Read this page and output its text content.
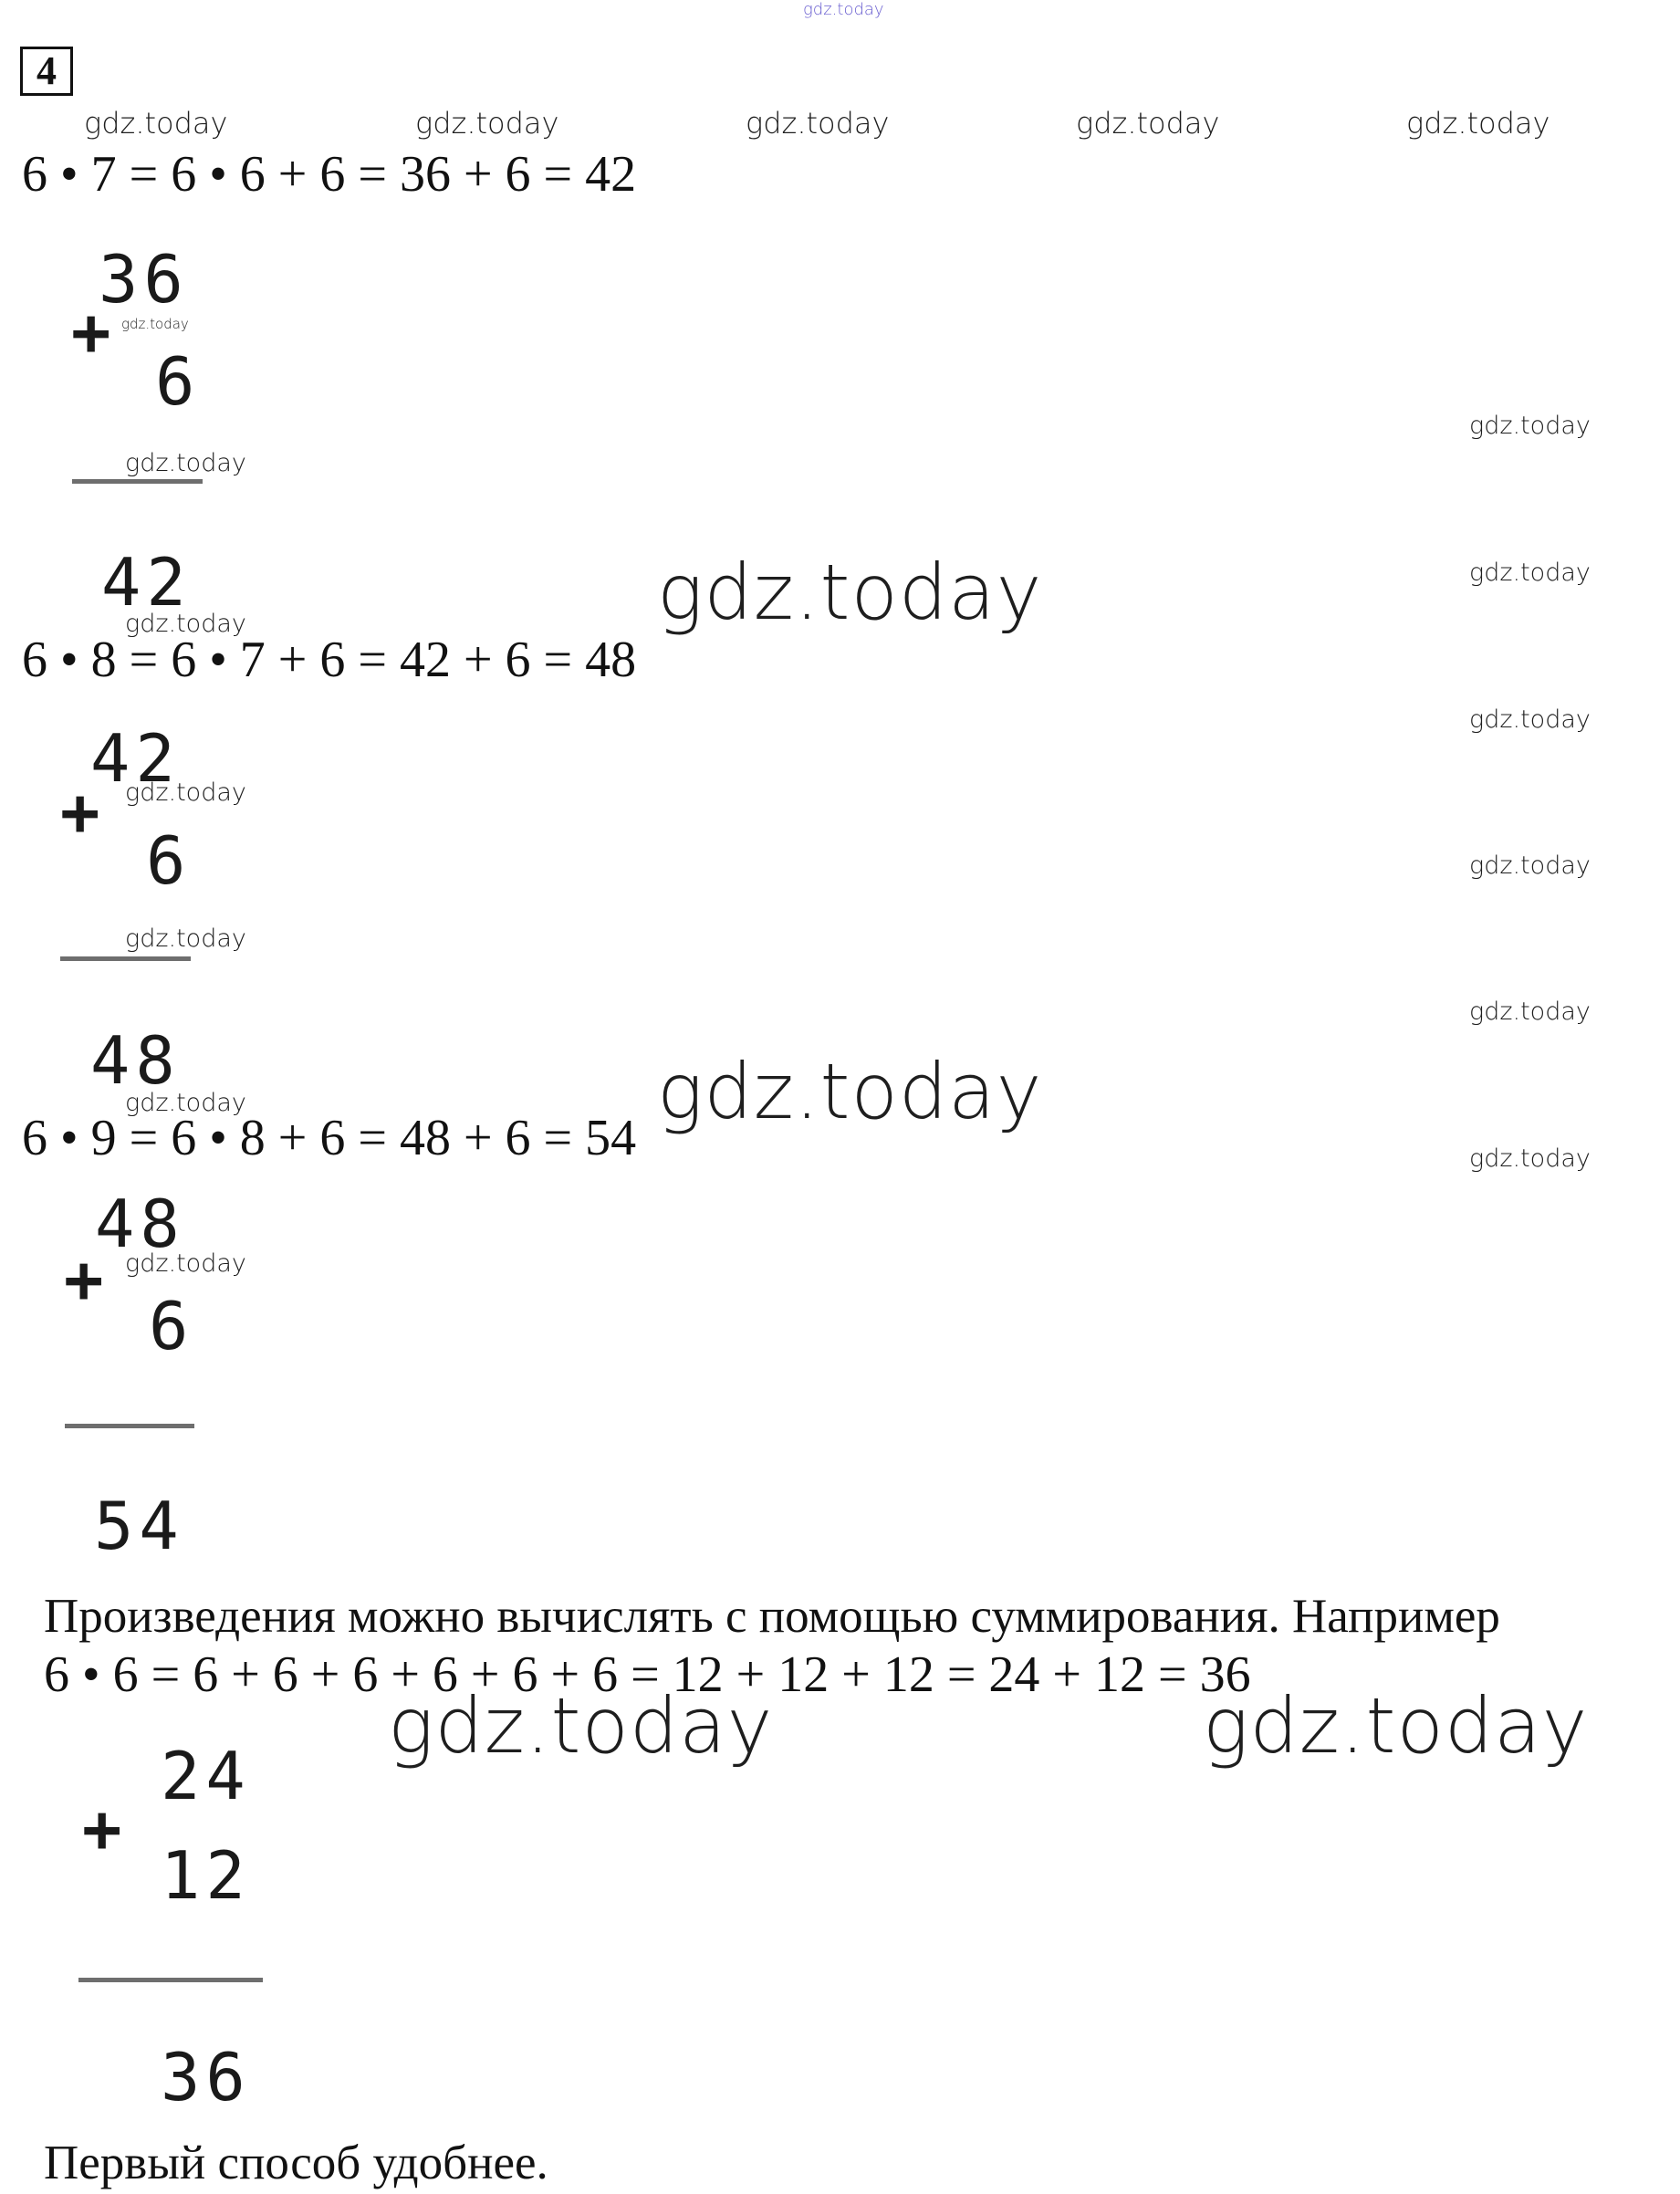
gdz.today
4
gdz.today	gdz.today	gdz.today	gdz.today	gdz.today
6 • 7 = 6 • 6 + 6 = 36 + 6 = 42
36
+ gdz.today
6
gdz.today
42
gdz.today
6 • 8 = 6 • 7 + 6 = 42 + 6 = 48
42
+ gdz.today
6
gdz.today
48
gdz.today
6 • 9 = 6 • 8 + 6 = 48 + 6 = 54
48
+ gdz.today
6
54
Произведения можно вычислять с помощью суммирования. Например
6 • 6 = 6 + 6 + 6 + 6 + 6 + 6 = 12 + 12 + 12 = 24 + 12 = 36
24
+
12
36
Первый способ удобнее.
gdz.today
gdz.today
gdz.today
gdz.today
gdz.today
gdz.today
gdz.today
gdz.today
gdz.today	gdz.today
